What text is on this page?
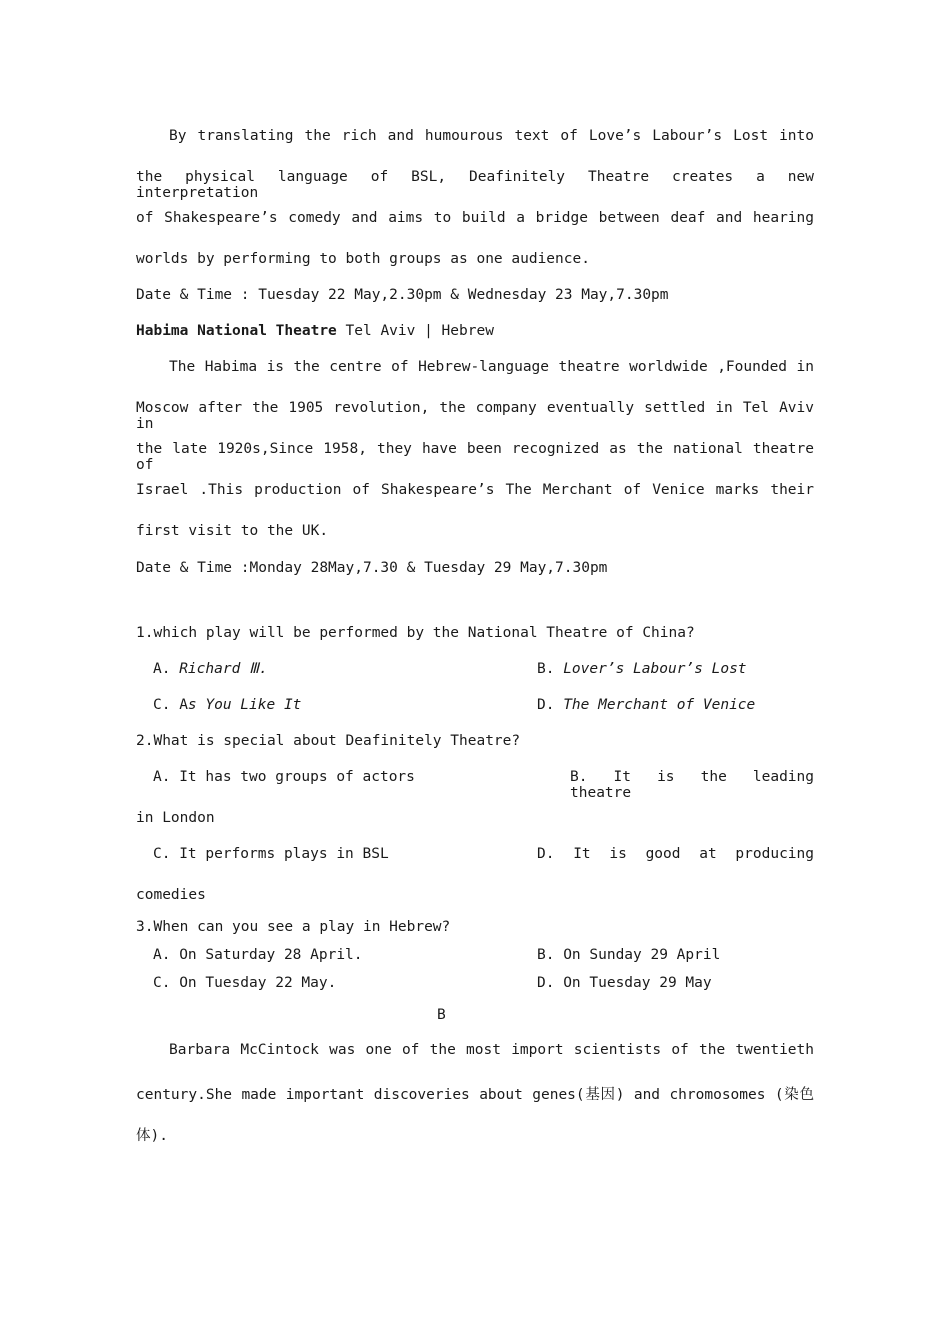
By translating the rich and humourous text of Love’s Labour’s Lost into
the physical language of BSL, Deafinitely Theatre creates a new interpretation
of Shakespeare’s comedy and aims to build a bridge between deaf and hearing
worlds by performing to both groups as one audience.
Date & Time : Tuesday 22 May,2.30pm & Wednesday 23 May,7.30pm
Habima National Theatre Tel Aviv | Hebrew
The Habima is the centre of Hebrew-language theatre worldwide ,Founded in
Moscow after the 1905 revolution, the company eventually settled in Tel Aviv in
the late 1920s,Since 1958, they have been recognized as the national theatre of
Israel .This production of Shakespeare’s The Merchant of Venice marks their
first visit to the UK.
Date & Time :Monday 28May,7.30 & Tuesday 29 May,7.30pm
1.which play will be performed by the National Theatre of China?
A. Richard Ⅲ.	B. Lover’s Labour’s Lost
C. As You Like It	D. The Merchant of Venice
2.What is special about Deafinitely Theatre?
A. It has two groups of actors	B. It is the leading theatre
in London
C. It performs plays in BSL	D. It is good at producing
comedies
3.When can you see a play in Hebrew?
A. On Saturday 28 April.	B. On Sunday 29 April
C. On Tuesday 22 May.	D. On Tuesday 29 May
B
Barbara McCintock was one of the most import scientists of the twentieth
century.She made important discoveries about genes(基因) and chromosomes (染色
体).
